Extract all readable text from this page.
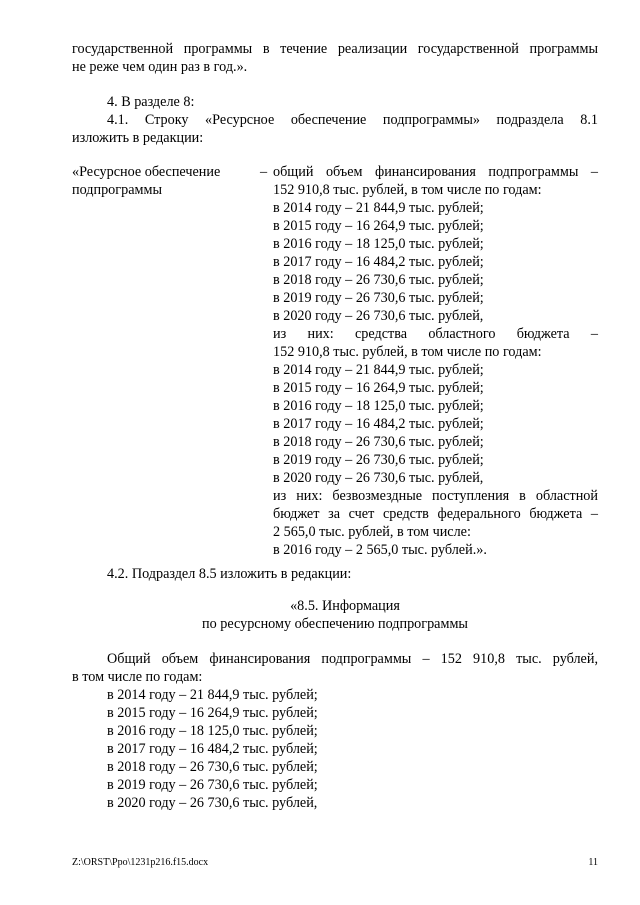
государственной программы в течение реализации государственной программы
не реже чем один раз в год.».
4. В разделе 8:
4.1. Строку «Ресурсное обеспечение подпрограммы» подраздела 8.1
изложить в редакции:
«Ресурсное обеспечение
подпрограммы
– общий объем финансирования подпрограммы –
152 910,8 тыс. рублей, в том числе по годам:
в 2014 году – 21 844,9 тыс. рублей;
в 2015 году – 16 264,9 тыс. рублей;
в 2016 году – 18 125,0 тыс. рублей;
в 2017 году – 16 484,2 тыс. рублей;
в 2018 году – 26 730,6 тыс. рублей;
в 2019 году – 26 730,6 тыс. рублей;
в 2020 году – 26 730,6 тыс. рублей,
из них: средства областного бюджета –
152 910,8 тыс. рублей, в том числе по годам:
в 2014 году – 21 844,9 тыс. рублей;
в 2015 году – 16 264,9 тыс. рублей;
в 2016 году – 18 125,0 тыс. рублей;
в 2017 году – 16 484,2 тыс. рублей;
в 2018 году – 26 730,6 тыс. рублей;
в 2019 году – 26 730,6 тыс. рублей;
в 2020 году – 26 730,6 тыс. рублей,
из них: безвозмездные поступления в областной
бюджет за счет средств федерального бюджета –
2 565,0 тыс. рублей, в том числе:
в 2016 году – 2 565,0 тыс. рублей.».
4.2. Подраздел 8.5 изложить в редакции:
«8.5. Информация
по ресурсному обеспечению подпрограммы
Общий объем финансирования подпрограммы – 152 910,8 тыс. рублей,
в том числе по годам:
в 2014 году – 21 844,9 тыс. рублей;
в 2015 году – 16 264,9 тыс. рублей;
в 2016 году – 18 125,0 тыс. рублей;
в 2017 году – 16 484,2 тыс. рублей;
в 2018 году – 26 730,6 тыс. рублей;
в 2019 году – 26 730,6 тыс. рублей;
в 2020 году – 26 730,6 тыс. рублей,
Z:\ORST\Ppo\1231p216.f15.docx	11
